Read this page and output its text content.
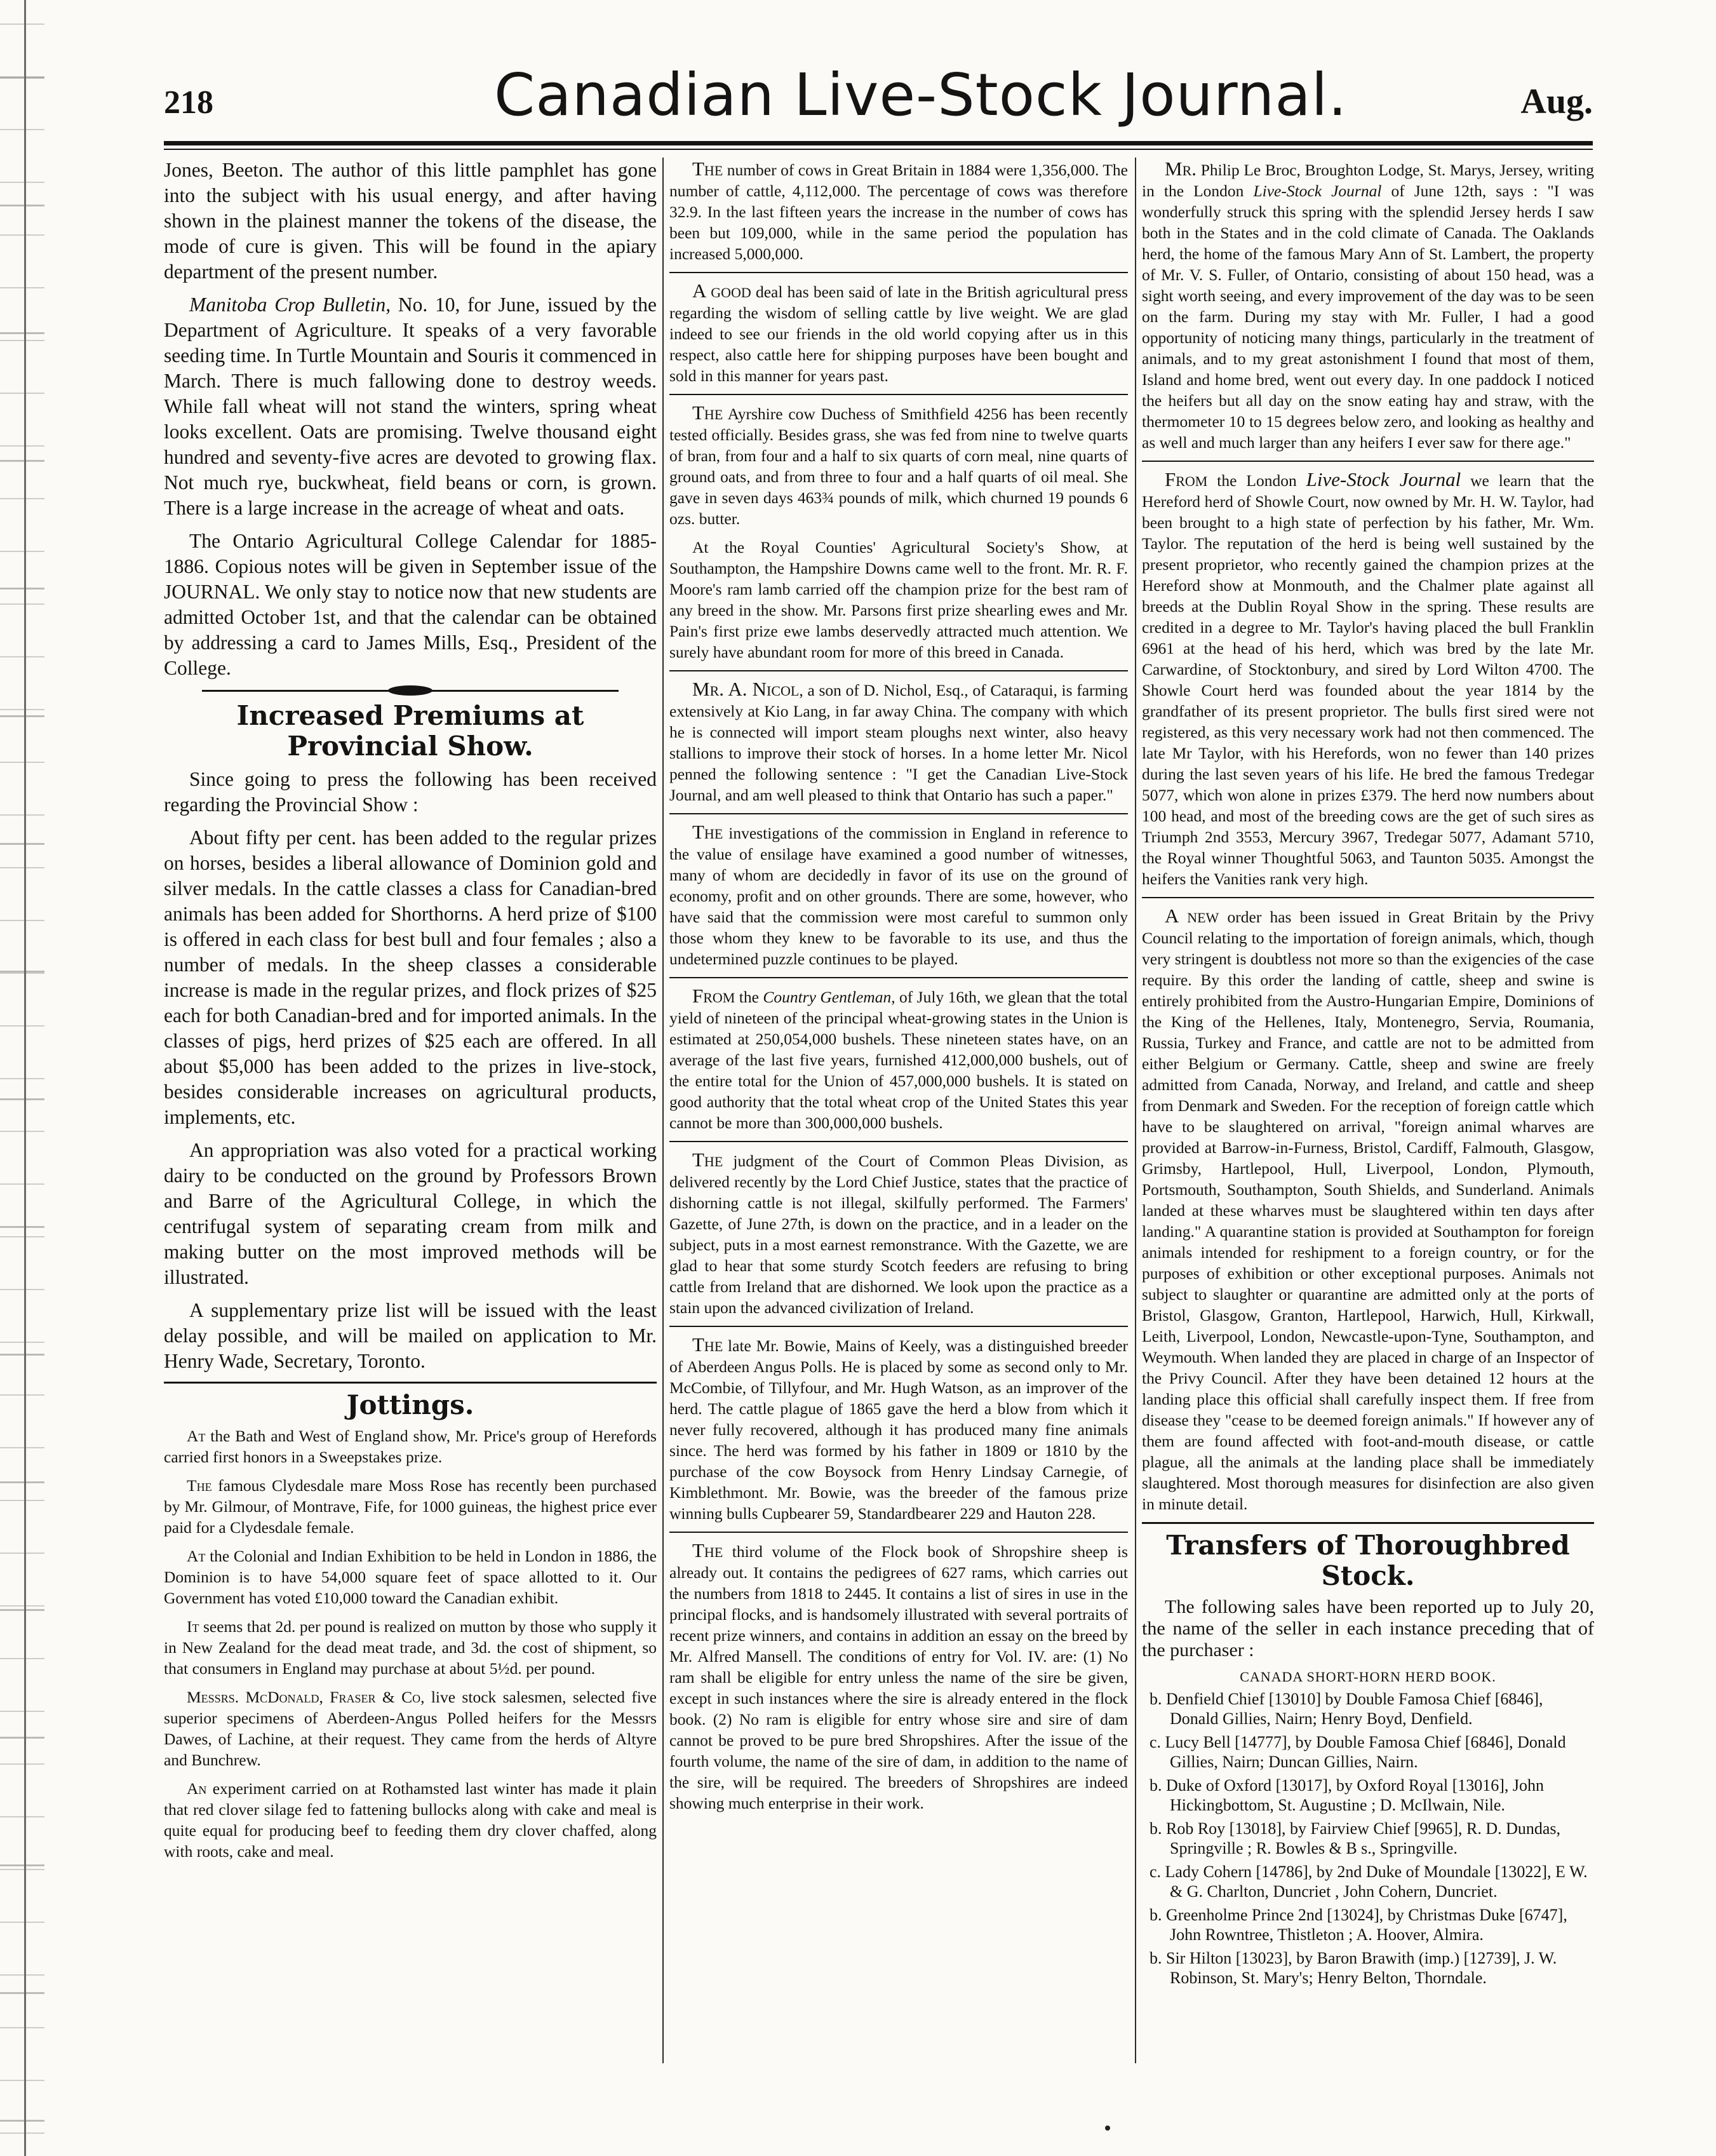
218	Canadian Live-Stock Journal.	Aug.

Jones, Beeton. The author of this little pamphlet has gone into the subject with his usual energy, and after having shown in the plainest manner the tokens of the disease, the mode of cure is given. This will be found in the apiary department of the present number.

Manitoba Crop Bulletin, No. 10, for June, issued by the Department of Agriculture. It speaks of a very favorable seeding time. In Turtle Mountain and Souris it commenced in March. There is much fallowing done to destroy weeds. While fall wheat will not stand the winters, spring wheat looks excellent. Oats are promising. Twelve thousand eight hundred and seventy-five acres are devoted to growing flax. Not much rye, buckwheat, field beans or corn, is grown. There is a large increase in the acreage of wheat and oats.

The Ontario Agricultural College Calendar for 1885-1886. Copious notes will be given in September issue of the JOURNAL. We only stay to notice now that new students are admitted October 1st, and that the calendar can be obtained by addressing a card to James Mills, Esq., President of the College.

Increased Premiums at Provincial Show.

Since going to press the following has been received regarding the Provincial Show :

About fifty per cent. has been added to the regular prizes on horses, besides a liberal allowance of Dominion gold and silver medals. In the cattle classes a class for Canadian-bred animals has been added for Shorthorns. A herd prize of $100 is offered in each class for best bull and four females ; also a number of medals. In the sheep classes a considerable increase is made in the regular prizes, and flock prizes of $25 each for both Canadian-bred and for imported animals. In the classes of pigs, herd prizes of $25 each are offered. In all about $5,000 has been added to the prizes in live-stock, besides considerable increases on agricultural products, implements, etc.

An appropriation was also voted for a practical working dairy to be conducted on the ground by Professors Brown and Barre of the Agricultural College, in which the centrifugal system of separating cream from milk and making butter on the most improved methods will be illustrated.

A supplementary prize list will be issued with the least delay possible, and will be mailed on application to Mr. Henry Wade, Secretary, Toronto.

Jottings.

At the Bath and West of England show, Mr. Price's group of Herefords carried first honors in a Sweepstakes prize.

The famous Clydesdale mare Moss Rose has recently been purchased by Mr. Gilmour, of Montrave, Fife, for 1000 guineas, the highest price ever paid for a Clydesdale female.

At the Colonial and Indian Exhibition to be held in London in 1886, the Dominion is to have 54,000 square feet of space allotted to it. Our Government has voted £10,000 toward the Canadian exhibit.

It seems that 2d. per pound is realized on mutton by those who supply it in New Zealand for the dead meat trade, and 3d. the cost of shipment, so that consumers in England may purchase at about 5½d. per pound.

Messrs. McDonald, Fraser & Co, live stock salesmen, selected five superior specimens of Aberdeen-Angus Polled heifers for the Messrs Dawes, of Lachine, at their request. They came from the herds of Altyre and Bunchrew.

An experiment carried on at Rothamsted last winter has made it plain that red clover silage fed to fattening bullocks along with cake and meal is quite equal for producing beef to feeding them dry clover chaffed, along with roots, cake and meal.

The number of cows in Great Britain in 1884 were 1,356,000. The number of cattle, 4,112,000. The percentage of cows was therefore 32.9. In the last fifteen years the increase in the number of cows has been but 109,000, while in the same period the population has increased 5,000,000.

A good deal has been said of late in the British agricultural press regarding the wisdom of selling cattle by live weight. We are glad indeed to see our friends in the old world copying after us in this respect, also cattle here for shipping purposes have been bought and sold in this manner for years past.

The Ayrshire cow Duchess of Smithfield 4256 has been recently tested officially. Besides grass, she was fed from nine to twelve quarts of bran, from four and a half to six quarts of corn meal, nine quarts of ground oats, and from three to four and a half quarts of oil meal. She gave in seven days 463¾ pounds of milk, which churned 19 pounds 6 ozs. butter.

At the Royal Counties' Agricultural Society's Show, at Southampton, the Hampshire Downs came well to the front. Mr. R. F. Moore's ram lamb carried off the champion prize for the best ram of any breed in the show. Mr. Parsons first prize shearling ewes and Mr. Pain's first prize ewe lambs deservedly attracted much attention. We surely have abundant room for more of this breed in Canada.

Mr. A. Nicol, a son of D. Nichol, Esq., of Cataraqui, is farming extensively at Kio Lang, in far away China. The company with which he is connected will import steam ploughs next winter, also heavy stallions to improve their stock of horses. In a home letter Mr. Nicol penned the following sentence : "I get the Canadian Live-Stock Journal, and am well pleased to think that Ontario has such a paper."

The investigations of the commission in England in reference to the value of ensilage have examined a good number of witnesses, many of whom are decidedly in favor of its use on the ground of economy, profit and on other grounds. There are some, however, who have said that the commission were most careful to summon only those whom they knew to be favorable to its use, and thus the undetermined puzzle continues to be played.

From the Country Gentleman, of July 16th, we glean that the total yield of nineteen of the principal wheat-growing states in the Union is estimated at 250,054,000 bushels. These nineteen states have, on an average of the last five years, furnished 412,000,000 bushels, out of the entire total for the Union of 457,000,000 bushels. It is stated on good authority that the total wheat crop of the United States this year cannot be more than 300,000,000 bushels.

The judgment of the Court of Common Pleas Division, as delivered recently by the Lord Chief Justice, states that the practice of dishorning cattle is not illegal, skilfully performed. The Farmers' Gazette, of June 27th, is down on the practice, and in a leader on the subject, puts in a most earnest remonstrance. With the Gazette, we are glad to hear that some sturdy Scotch feeders are refusing to bring cattle from Ireland that are dishorned. We look upon the practice as a stain upon the advanced civilization of Ireland.

The late Mr. Bowie, Mains of Keely, was a distinguished breeder of Aberdeen Angus Polls. He is placed by some as second only to Mr. McCombie, of Tillyfour, and Mr. Hugh Watson, as an improver of the herd. The cattle plague of 1865 gave the herd a blow from which it never fully recovered, although it has produced many fine animals since. The herd was formed by his father in 1809 or 1810 by the purchase of the cow Boysock from Henry Lindsay Carnegie, of Kimblethmont. Mr. Bowie, was the breeder of the famous prize winning bulls Cupbearer 59, Standardbearer 229 and Hauton 228.

The third volume of the Flock book of Shropshire sheep is already out. It contains the pedigrees of 627 rams, which carries out the numbers from 1818 to 2445. It contains a list of sires in use in the principal flocks, and is handsomely illustrated with several portraits of recent prize winners, and contains in addition an essay on the breed by Mr. Alfred Mansell. The conditions of entry for Vol. IV. are: (1) No ram shall be eligible for entry unless the name of the sire be given, except in such instances where the sire is already entered in the flock book. (2) No ram is eligible for entry whose sire and sire of dam cannot be proved to be pure bred Shropshires. After the issue of the fourth volume, the name of the sire of dam, in addition to the name of the sire, will be required. The breeders of Shropshires are indeed showing much enterprise in their work.

Mr. Philip Le Broc, Broughton Lodge, St. Marys, Jersey, writing in the London Live-Stock Journal of June 12th, says : "I was wonderfully struck this spring with the splendid Jersey herds I saw both in the States and in the cold climate of Canada. The Oaklands herd, the home of the famous Mary Ann of St. Lambert, the property of Mr. V. S. Fuller, of Ontario, consisting of about 150 head, was a sight worth seeing, and every improvement of the day was to be seen on the farm. During my stay with Mr. Fuller, I had a good opportunity of noticing many things, particularly in the treatment of animals, and to my great astonishment I found that most of them, Island and home bred, went out every day. In one paddock I noticed the heifers but all day on the snow eating hay and straw, with the thermometer 10 to 15 degrees below zero, and looking as healthy and as well and much larger than any heifers I ever saw for there age."

From the London Live-Stock Journal we learn that the Hereford herd of Showle Court, now owned by Mr. H. W. Taylor, had been brought to a high state of perfection by his father, Mr. Wm. Taylor. The reputation of the herd is being well sustained by the present proprietor, who recently gained the champion prizes at the Hereford show at Monmouth, and the Chalmer plate against all breeds at the Dublin Royal Show in the spring. These results are credited in a degree to Mr. Taylor's having placed the bull Franklin 6961 at the head of his herd, which was bred by the late Mr. Carwardine, of Stocktonbury, and sired by Lord Wilton 4700. The Showle Court herd was founded about the year 1814 by the grandfather of its present proprietor. The bulls first sired were not registered, as this very necessary work had not then commenced. The late Mr Taylor, with his Herefords, won no fewer than 140 prizes during the last seven years of his life. He bred the famous Tredegar 5077, which won alone in prizes £379. The herd now numbers about 100 head, and most of the breeding cows are the get of such sires as Triumph 2nd 3553, Mercury 3967, Tredegar 5077, Adamant 5710, the Royal winner Thoughtful 5063, and Taunton 5035. Amongst the heifers the Vanities rank very high.

A new order has been issued in Great Britain by the Privy Council relating to the importation of foreign animals, which, though very stringent is doubtless not more so than the exigencies of the case require. By this order the landing of cattle, sheep and swine is entirely prohibited from the Austro-Hungarian Empire, Dominions of the King of the Hellenes, Italy, Montenegro, Servia, Roumania, Russia, Turkey and France, and cattle are not to be admitted from either Belgium or Germany. Cattle, sheep and swine are freely admitted from Canada, Norway, and Ireland, and cattle and sheep from Denmark and Sweden. For the reception of foreign cattle which have to be slaughtered on arrival, "foreign animal wharves are provided at Barrow-in-Furness, Bristol, Cardiff, Falmouth, Glasgow, Grimsby, Hartlepool, Hull, Liverpool, London, Plymouth, Portsmouth, Southampton, South Shields, and Sunderland. Animals landed at these wharves must be slaughtered within ten days after landing." A quarantine station is provided at Southampton for foreign animals intended for reshipment to a foreign country, or for the purposes of exhibition or other exceptional purposes. Animals not subject to slaughter or quarantine are admitted only at the ports of Bristol, Glasgow, Granton, Hartlepool, Harwich, Hull, Kirkwall, Leith, Liverpool, London, Newcastle-upon-Tyne, Southampton, and Weymouth. When landed they are placed in charge of an Inspector of the Privy Council. After they have been detained 12 hours at the landing place this official shall carefully inspect them. If free from disease they "cease to be deemed foreign animals." If however any of them are found affected with foot-and-mouth disease, or cattle plague, all the animals at the landing place shall be immediately slaughtered. Most thorough measures for disinfection are also given in minute detail.

Transfers of Thoroughbred Stock.

The following sales have been reported up to July 20, the name of the seller in each instance preceding that of the purchaser :

CANADA SHORT-HORN HERD BOOK.
b. Denfield Chief [13010] by Double Famosa Chief [6846], Donald Gillies, Nairn; Henry Boyd, Denfield.
c. Lucy Bell [14777], by Double Famosa Chief [6846], Donald Gillies, Nairn; Duncan Gillies, Nairn.
b. Duke of Oxford [13017], by Oxford Royal [13016], John Hickingbottom, St. Augustine ; D. McIlwain, Nile.
b. Rob Roy [13018], by Fairview Chief [9965], R. D. Dundas, Springville ; R. Bowles & B s., Springville.
c. Lady Cohern [14786], by 2nd Duke of Moundale [13022], E W. & G. Charlton, Duncriet , John Cohern, Duncriet.
b. Greenholme Prince 2nd [13024], by Christmas Duke [6747], John Rowntree, Thistleton ; A. Hoover, Almira.
b. Sir Hilton [13023], by Baron Brawith (imp.) [12739], J. W. Robinson, St. Mary's; Henry Belton, Thorndale.
